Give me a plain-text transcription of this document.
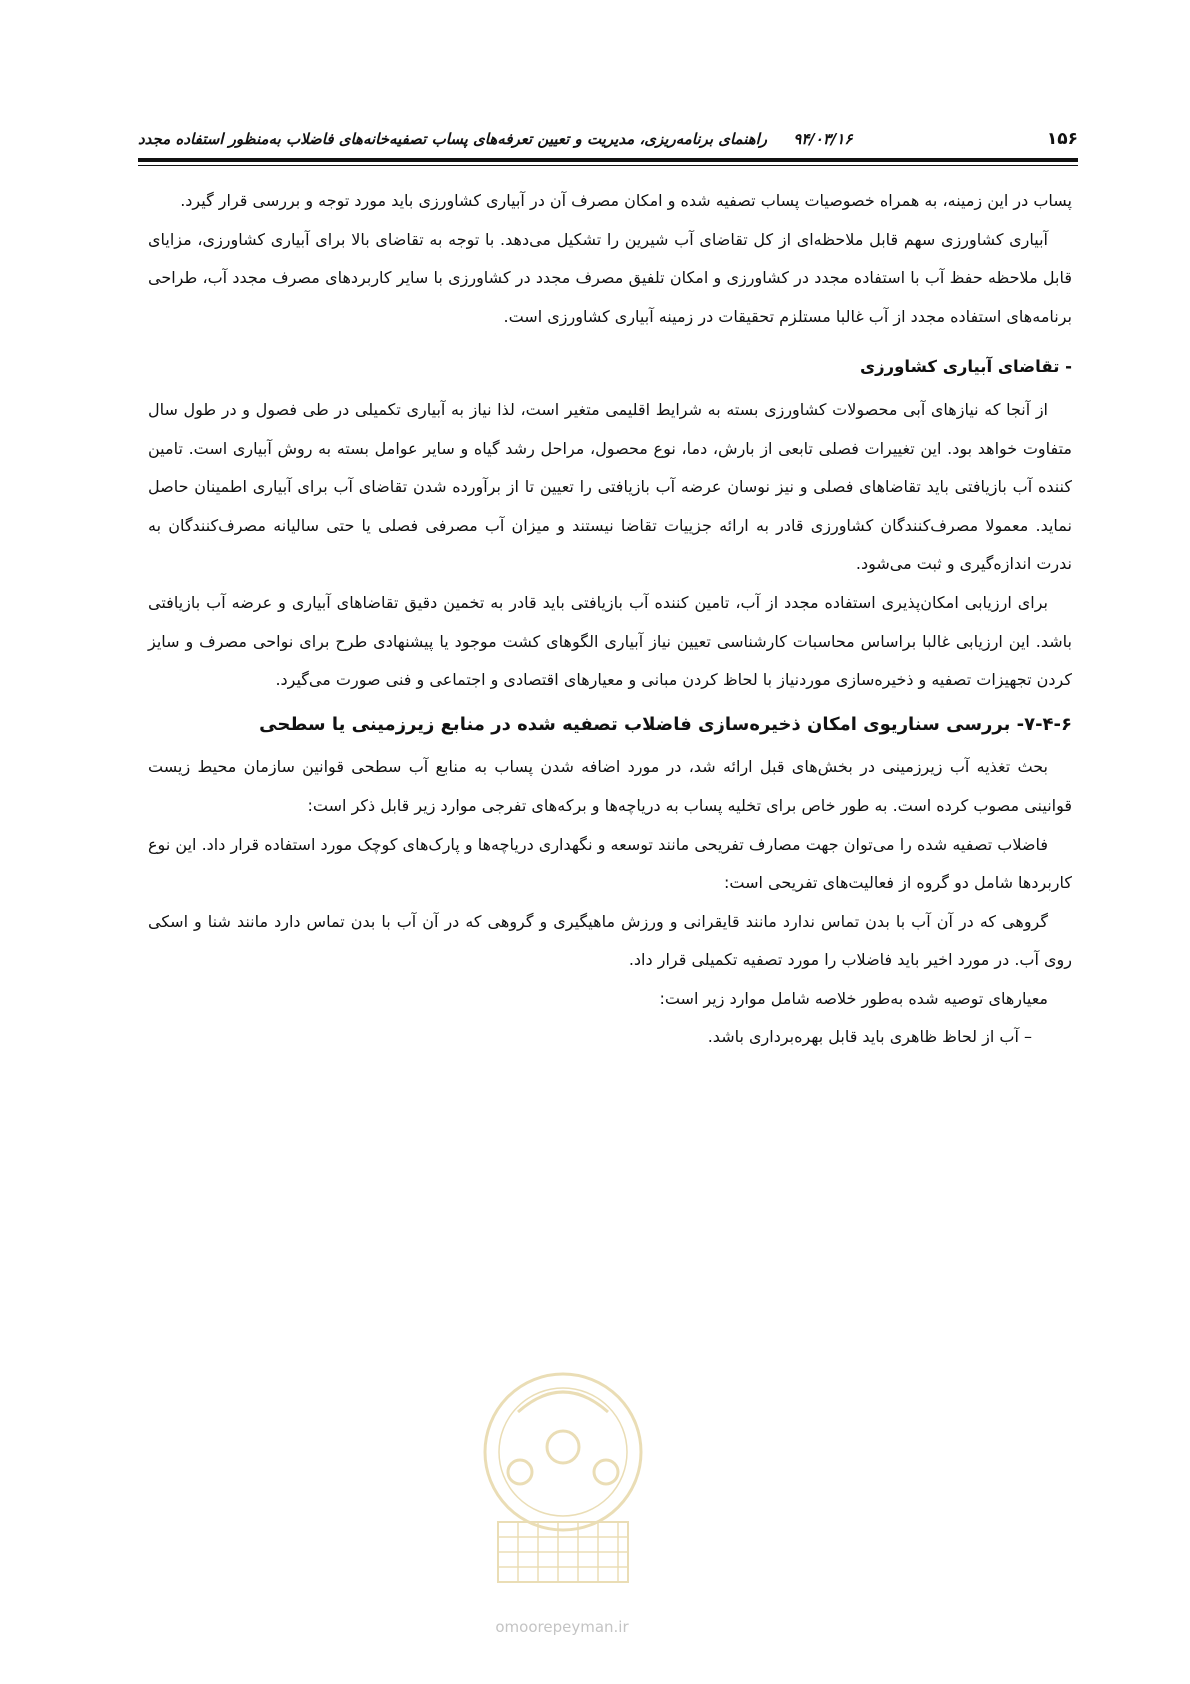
۱۵۶
۹۴/۰۳/۱۶     راهنمای برنامه‌ریزی، مدیریت و تعیین تعرفه‌های پساب تصفیه‌خانه‌های فاضلاب به‌منظور استفاده مجدد

پساب در این زمینه، به همراه خصوصیات پساب تصفیه شده و امکان مصرف آن در آبیاری کشاورزی باید مورد توجه و بررسی قرار گیرد.

آبیاری کشاورزی سهم قابل ملاحظه‌ای از کل تقاضای آب شیرین را تشکیل می‌دهد. با توجه به تقاضای بالا برای آبیاری کشاورزی، مزایای قابل ملاحظه حفظ آب با استفاده مجدد در کشاورزی و امکان تلفیق مصرف مجدد در کشاورزی با سایر کاربردهای مصرف مجدد آب، طراحی برنامه‌های استفاده مجدد از آب غالبا مستلزم تحقیقات در زمینه آبیاری کشاورزی است.

- تقاضای آبیاری کشاورزی

از آنجا که نیازهای آبی محصولات کشاورزی بسته به شرایط اقلیمی متغیر است، لذا نیاز به آبیاری تکمیلی در طی فصول و در طول سال متفاوت خواهد بود. این تغییرات فصلی تابعی از بارش، دما، نوع محصول، مراحل رشد گیاه و سایر عوامل بسته به روش آبیاری است. تامین کننده آب بازیافتی باید تقاضاهای فصلی و نیز نوسان عرضه آب بازیافتی را تعیین تا از برآورده شدن تقاضای آب برای آبیاری اطمینان حاصل نماید. معمولا مصرف‌کنندگان کشاورزی قادر به ارائه جزییات تقاضا نیستند و میزان آب مصرفی فصلی یا حتی سالیانه مصرف‌کنندگان به ندرت اندازه‌گیری و ثبت می‌شود.

برای ارزیابی امکان‌پذیری استفاده مجدد از آب، تامین کننده آب بازیافتی باید قادر به تخمین دقیق تقاضاهای آبیاری و عرضه آب بازیافتی باشد. این ارزیابی غالبا براساس محاسبات کارشناسی تعیین نیاز آبیاری الگوهای کشت موجود یا پیشنهادی طرح برای نواحی مصرف و سایز کردن تجهیزات تصفیه و ذخیره‌سازی موردنیاز با لحاظ کردن مبانی و معیارهای اقتصادی و اجتماعی و فنی صورت می‌گیرد.

۷-۴-۶- بررسی سناریوی امکان ذخیره‌سازی فاضلاب تصفیه شده در منابع زیرزمینی یا سطحی

بحث تغذیه آب زیرزمینی در بخش‌های قبل ارائه شد، در مورد اضافه شدن پساب به منابع آب سطحی قوانین سازمان محیط زیست قوانینی مصوب کرده است. به طور خاص برای تخلیه پساب به دریاچه‌ها و برکه‌های تفرجی موارد زیر قابل ذکر است:

فاضلاب تصفیه شده را می‌توان جهت مصارف تفریحی مانند توسعه و نگهداری دریاچه‌ها و پارک‌های کوچک مورد استفاده قرار داد. این نوع کاربردها شامل دو گروه از فعالیت‌های تفریحی است:

گروهی که در آن آب با بدن تماس ندارد مانند قایقرانی و ورزش ماهیگیری و گروهی که در آن آب با بدن تماس دارد مانند شنا و اسکی روی آب. در مورد اخیر باید فاضلاب را مورد تصفیه تکمیلی قرار داد.

معیارهای توصیه شده به‌طور خلاصه شامل موارد زیر است:

– آب از لحاظ ظاهری باید قابل بهره‌برداری باشد.

omoorepeyman.ir
